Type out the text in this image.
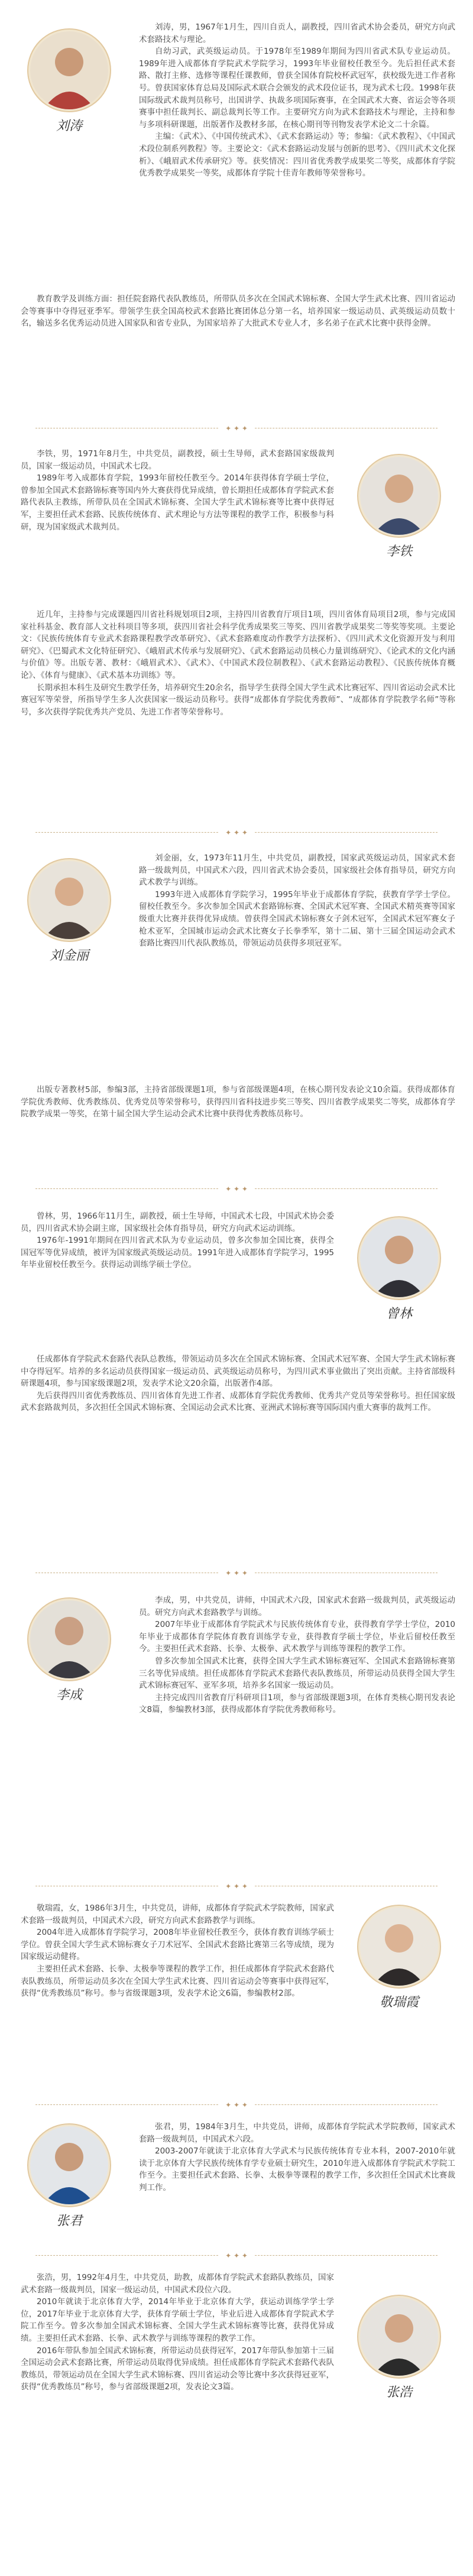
刘涛

刘涛，男，1967年1月生，四川自贡人，副教授，四川省武术协会委员，研究方向武术套路技术与理论。

自幼习武，武英级运动员。于1978年至1989年期间为四川省武术队专业运动员。1989年进入成都体育学院武术学院学习，1993年毕业留校任教至今。先后担任武术套路、散打主修、选修等课程任课教师，曾获全国体育院校杯武冠军，获校级先进工作者称号。曾获国家体育总局及国际武术联合会颁发的武术段位证书，现为武术七段。1998年获国际级武术裁判员称号，出国讲学、执裁多项国际赛事，在全国武术大赛、省运会等各项赛事中担任裁判长、副总裁判长等工作。主要研究方向为武术套路技术与理论，主持和参与多项科研课题，出版著作及教材多部，在核心期刊等刊物发表学术论文二十余篇。

主编：《武术》、《中国传统武术》、《武术套路运动》等；参编：《武术教程》、《中国武术段位制系列教程》等。主要论文：《武术套路运动发展与创新的思考》、《四川武术文化探析》、《峨眉武术传承研究》等。获奖情况：四川省优秀教学成果奖二等奖，成都体育学院优秀教学成果奖一等奖，成都体育学院十佳青年教师等荣誉称号。

教育教学及训练方面：担任院套路代表队教练员，所带队员多次在全国武术锦标赛、全国大学生武术比赛、四川省运动会等赛事中夺得冠亚季军。带领学生获全国高校武术套路比赛团体总分第一名，培养国家一级运动员、武英级运动员数十名，输送多名优秀运动员进入国家队和省专业队，为国家培养了大批武术专业人才，多名弟子在武术比赛中获得金牌。

✦ ✦ ✦
李铁

李铁，男，1971年8月生，中共党员，副教授，硕士生导师，武术套路国家级裁判员，国家一级运动员，中国武术七段。

1989年考入成都体育学院，1993年留校任教至今。2014年获得体育学硕士学位，曾参加全国武术套路锦标赛等国内外大赛获得优异成绩，曾长期担任成都体育学院武术套路代表队主教练，所带队员在全国武术锦标赛、全国大学生武术锦标赛等比赛中获得冠军，主要担任武术套路、民族传统体育、武术理论与方法等课程的教学工作，积极参与科研，现为国家级武术裁判员。

近几年，主持参与完成课题四川省社科规划项目2项，主持四川省教育厅项目1项，四川省体育局项目2项，参与完成国家社科基金、教育部人文社科项目等多项，获四川省社会科学优秀成果奖三等奖、四川省教学成果奖二等奖等奖项。主要论文：《民族传统体育专业武术套路课程教学改革研究》、《武术套路难度动作教学方法探析》、《四川武术文化资源开发与利用研究》、《巴蜀武术文化特征研究》、《峨眉武术传承与发展研究》、《武术套路运动员核心力量训练研究》、《论武术的文化内涵与价值》等。出版专著、教材：《峨眉武术》、《武术》、《中国武术段位制教程》、《武术套路运动教程》、《民族传统体育概论》、《体育与健康》、《武术基本功训练》等。

长期承担本科生及研究生教学任务，培养研究生20余名，指导学生获得全国大学生武术比赛冠军、四川省运动会武术比赛冠军等荣誉，所指导学生多人次获国家一级运动员称号。获得“成都体育学院优秀教师”、“成都体育学院教学名师”等称号，多次获得学院优秀共产党员、先进工作者等荣誉称号。

✦ ✦ ✦
刘金丽

刘金丽，女，1973年11月生，中共党员，副教授，国家武英级运动员，国家武术套路一级裁判员，中国武术六段，四川省武术协会委员，国家级社会体育指导员，研究方向武术教学与训练。

1993年进入成都体育学院学习，1995年毕业于成都体育学院，获教育学学士学位。留校任教至今。多次参加全国武术套路锦标赛、全国武术冠军赛、全国武术精英赛等国家级重大比赛并获得优异成绩。曾获得全国武术锦标赛女子剑术冠军，全国武术冠军赛女子枪术亚军，全国城市运动会武术比赛女子长拳季军，第十二届、第十三届全国运动会武术套路比赛四川代表队教练员，带领运动员获得多项冠亚军。

出版专著教材5部，参编3部，主持省部级课题1项，参与省部级课题4项，在核心期刊发表论文10余篇。获得成都体育学院优秀教师、优秀教练员、优秀党员等荣誉称号，获得四川省科技进步奖三等奖、四川省教学成果奖二等奖，成都体育学院教学成果一等奖，在第十届全国大学生运动会武术比赛中获得优秀教练员称号。

✦ ✦ ✦
曾林

曾林，男，1966年11月生，副教授，硕士生导师，中国武术七段，中国武术协会委员，四川省武术协会副主席，国家级社会体育指导员，研究方向武术运动训练。

1976年-1991年期间在四川省武术队为专业运动员，曾多次参加全国比赛，获得全国冠军等优异成绩，被评为国家级武英级运动员。1991年进入成都体育学院学习，1995年毕业留校任教至今。获得运动训练学硕士学位。

任成都体育学院武术套路代表队总教练，带领运动员多次在全国武术锦标赛、全国武术冠军赛、全国大学生武术锦标赛中夺得冠军。培养的多名运动员获得国家一级运动员、武英级运动员称号，为四川武术事业做出了突出贡献。主持省部级科研课题4项，参与国家级课题2项，发表学术论文20余篇，出版著作4部。

先后获得四川省优秀教练员、四川省体育先进工作者、成都体育学院优秀教师、优秀共产党员等荣誉称号。担任国家级武术套路裁判员，多次担任全国武术锦标赛、全国运动会武术比赛、亚洲武术锦标赛等国际国内重大赛事的裁判工作。

✦ ✦ ✦
李成

李成，男，中共党员，讲师，中国武术六段，国家武术套路一级裁判员，武英级运动员。研究方向武术套路教学与训练。

2007年毕业于成都体育学院武术与民族传统体育专业，获得教育学学士学位，2010年毕业于成都体育学院体育教育训练学专业，获得教育学硕士学位，毕业后留校任教至今。主要担任武术套路、长拳、太极拳、武术教学与训练等课程的教学工作。

曾多次参加全国武术比赛，获得全国大学生武术锦标赛冠军、全国武术套路锦标赛第三名等优异成绩。担任成都体育学院武术套路代表队教练员，所带运动员获得全国大学生武术锦标赛冠军、亚军多项，培养多名国家一级运动员。

主持完成四川省教育厅科研项目1项，参与省部级课题3项，在体育类核心期刊发表论文8篇，参编教材3部，获得成都体育学院优秀教师称号。

✦ ✦ ✦
敬瑞霞

敬瑞霞，女，1986年3月生，中共党员，讲师，成都体育学院武术学院教师，国家武术套路一级裁判员，中国武术六段，研究方向武术套路教学与训练。

2004年进入成都体育学院学习，2008年毕业留校任教至今，获体育教育训练学硕士学位。曾获全国大学生武术锦标赛女子刀术冠军、全国武术套路比赛第三名等成绩，现为国家级运动健将。

主要担任武术套路、长拳、太极拳等课程的教学工作，担任成都体育学院武术套路代表队教练员，所带运动员多次在全国大学生武术比赛、四川省运动会等赛事中获得冠军，获得“优秀教练员”称号。参与省级课题3项，发表学术论文6篇，参编教材2部。

✦ ✦ ✦
张君

张君，男，1984年3月生，中共党员，讲师，成都体育学院武术学院教师，国家武术套路一级裁判员，中国武术六段。

2003-2007年就读于北京体育大学武术与民族传统体育专业本科，2007-2010年就读于北京体育大学民族传统体育学专业硕士研究生，2010年进入成都体育学院武术学院工作至今。主要担任武术套路、长拳、太极拳等课程的教学工作，多次担任全国武术比赛裁判工作。

✦ ✦ ✦
张浩

张浩，男，1992年4月生，中共党员，助教，成都体育学院武术套路队教练员，国家武术套路一级裁判员，国家一级运动员，中国武术段位六段。

2010年就读于北京体育大学，2014年毕业于北京体育大学，获运动训练学学士学位，2017年毕业于北京体育大学，获体育学硕士学位，毕业后进入成都体育学院武术学院工作至今。曾多次参加全国武术锦标赛、全国大学生武术锦标赛等比赛，获得优异成绩。主要担任武术套路、长拳、武术教学与训练等课程的教学工作。

2016年带队参加全国武术锦标赛，所带运动员获得冠军，2017年带队参加第十三届全国运动会武术套路比赛，所带运动员取得优异成绩。担任成都体育学院武术套路代表队教练员，带领运动员在全国大学生武术锦标赛、四川省运动会等比赛中多次获得冠亚军，获得“优秀教练员”称号，参与省部级课题2项，发表论文3篇。
